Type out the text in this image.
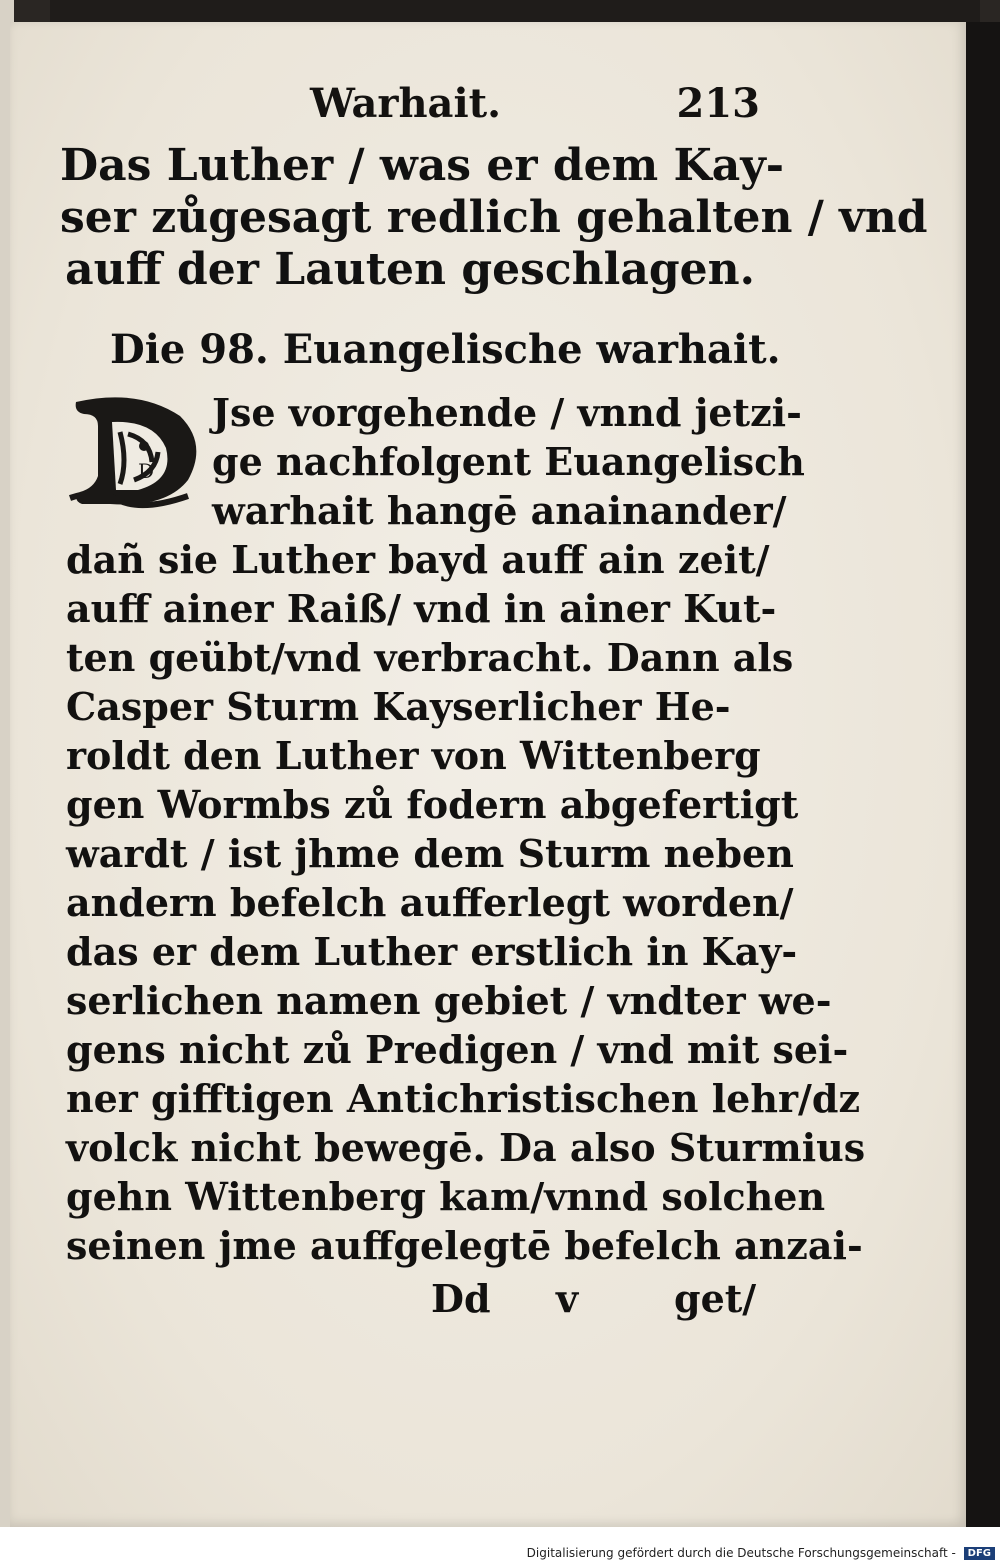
Warhait.	213
Das Luther / was er dem Kay-
ser zůgesagt redlich gehalten / vnd
auff der Lauten geschlagen.
Die 98. Euangelische warhait.
D
Jse vorgehende / vnnd jetzi-
ge nachfolgent Euangelisch
warhait hangē anainander/
dañ sie Luther bayd auff ain zeit/
auff ainer Raiß/ vnd in ainer Kut-
ten geübt/vnd verbracht. Dann als
Casper Sturm Kayserlicher He-
roldt den Luther von Wittenberg
gen Wormbs zů fodern abgefertigt
wardt / ist jhme dem Sturm neben
andern befelch aufferlegt worden/
das er dem Luther erstlich in Kay-
serlichen namen gebiet / vndter we-
gens nicht zů Predigen / vnd mit sei-
ner gifftigen Antichristischen lehr/dz
volck nicht bewegē. Da also Sturmius
gehn Wittenberg kam/vnnd solchen
seinen jme auffgelegtē befelch anzai-
Dd v	get/
Digitalisierung gefördert durch die Deutsche Forschungsgemeinschaft - DFG
